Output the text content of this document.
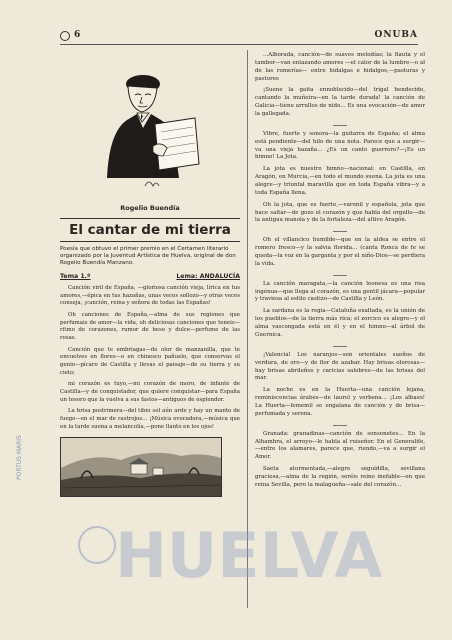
6	ONUBA
Rogelio Buendía
El cantar de mi tierra
Poesía que obtuvo el primer premio en el Certamen literario organizado por la Juventud Artística de Huelva, original de don Rogelio Buendía Manzano.
Tema 1.º	Lema: ANDALUCÍA

Canción viril de España, —gloriosa canción vieja, lírica en tus amores,—épica en tus hazañas, unas veces sollozo—y otras veces conseja, ¡canción, reina y señora de todas las Españas!

Oh canciones de España,—alma de sus regiones que perfumais de amor—la vida, oh deliciosas canciones que teneis—ritmo de corazones, rumor de beso y dulce—perfume de las rosas.

Canción que te embriagas—de olor de manzanilla, que te envuelves en flores—o en chinesco pañuelo, que conservas el genio—pícaro de Castilla y llevas el paisaje—de su tierra y su cielo;

mi corazón es tuyo,—mi corazón de moro, de infante de Castilla—y de conquistador, que quiere conquistar—para España un tesoro que la vuelva a sus fastos—antiguos de esplendor.

La brisa postrimera—del tibio sol aún arde y hay un manto de fuego—en el mar de rastrojos... ¡Música evocadora,—música que en la tarde suena a melancolía,—pone llanto en los ojos!

...Alborada, canción—de suaves melodías; la flauta y el tambor—van enlazando amores —el calor de la lumbre—o al de las romerías— entre hidalgas e hidalgos,—pasturas y pastores

¡Suene la gaita ennoblecido—del trigal bendecido, cantando la muñeira—en la tarde dorada! la canción de Galicia—tiene arrullos de nido... Es una evocación—de amor la gallegada.

Vibre, fuerte y sonora—la guitarra de España; el alma está pendiente—del hilo de una nota. Parece que a surgir—va una vieja hazaña... ¿Es un canto guerrero?—¡Es un himno! La Jota.

La jota es nuestro himno—nacional: en Castilla, en Aragón, en Murcia,—en todo el mundo suena. La jota es una alegre—y triunfal maravilla que en toda España vibra—y a toda España llena.

Oh la jota, que es fuerte,—varonil y española, jota que hace saltar—de gozo el corazón y que habla del orgullo—de la antigua manola y de la fortaleza—del altivo Aragón.

Oh el villancico humilde—que en la aldea se entre el romero fresco—y la salvia florida... (canta Ronca de fe se queda—la voz en la garganta y por el niño-Dios—se perdiera la vida.

La canción maragata,—la canción leonesa es una risa ingénua—que llega al corazón, es una gentil jácara—popular y traviesa al estilo castizo—de Castilla y León.

La sardana es la regia—Cataluña exaltada, es la unión de los pueblos—de la tierra más rica; el zorcico es alegre—y el alma vascongada está en él y en el himno—al árbol de Guernica.

¡Valencia! Los naranjos—son orientales sueños de verdura, de oro—y de flor de azahar. Hay brisas olorosas—hay brisas abrileños y caricias salobres—de las brisas del mar.

La noche es en la Huerta—una canción lejana, reminiscencias árabes—de laurel y verbena... ¡Los albaes! La Huerta—fememil se engalana de canción y de brisa—perfumada y serena.

Granada: granadinas—canción de sonsonetes... En la Alhambra, el arroyo—le habla al ruiseñor. En el Generalife,—entre los alamares, parece que, riendo,—va a surgir el Amor.

Saeta atormentada,—alegre seguidilla, sevillana graciosa,—alma de la región, seréis reino inefable—en que reina Sevilla, pero la malagueña—sale del corazón...

HUELVA
PORTUS MARIS
